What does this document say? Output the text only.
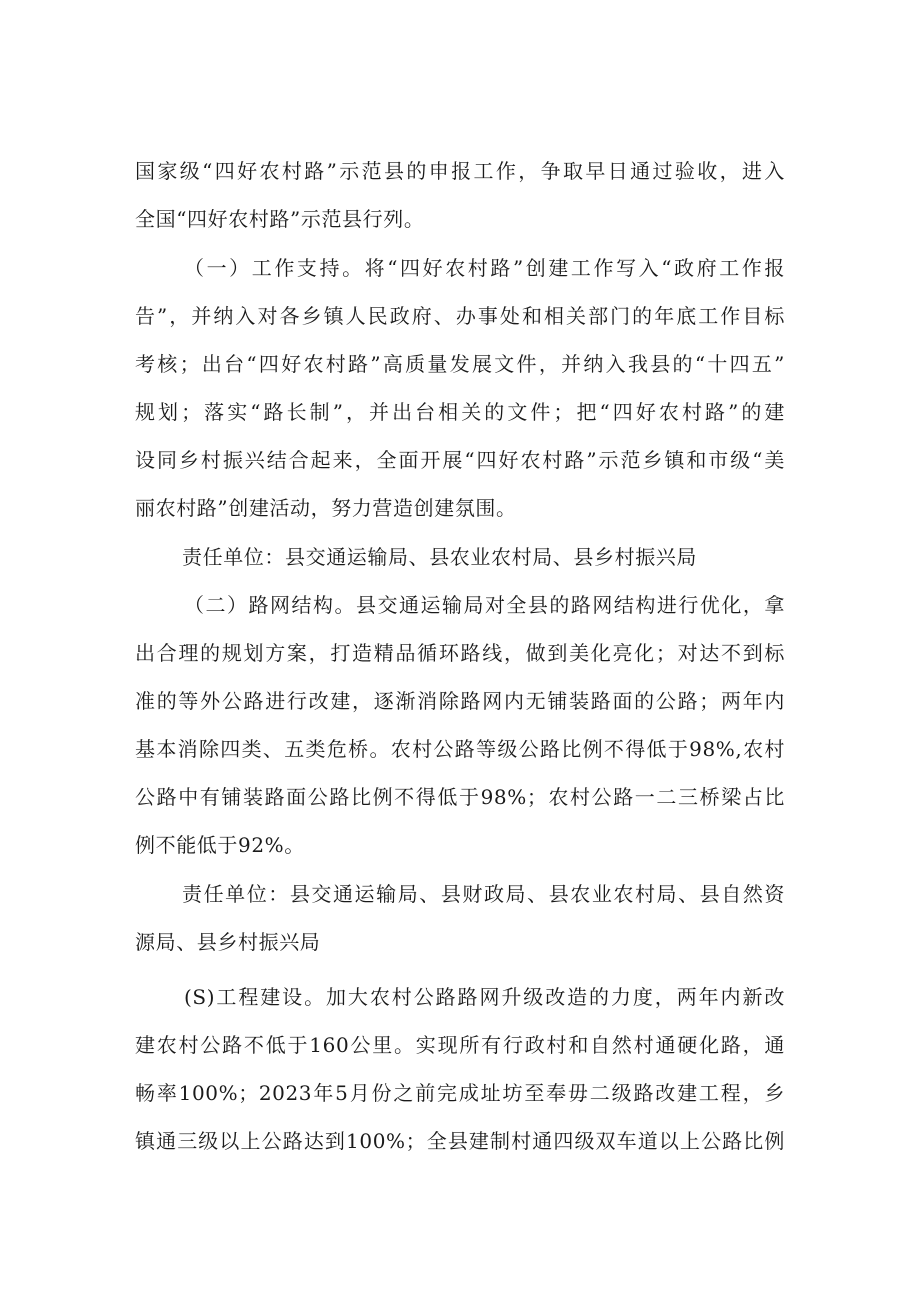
国家级“四好农村路”示范县的申报工作，争取早日通过验收，进入
全国“四好农村路”示范县行列。
（一）工作支持。将“四好农村路”创建工作写入“政府工作报
告”，并纳入对各乡镇人民政府、办事处和相关部门的年底工作目标
考核；出台“四好农村路”高质量发展文件，并纳入我县的“十四五”
规划；落实“路长制”，并出台相关的文件；把“四好农村路”的建
设同乡村振兴结合起来，全面开展“四好农村路”示范乡镇和市级“美
丽农村路”创建活动，努力营造创建氛围。
责任单位：县交通运输局、县农业农村局、县乡村振兴局
（二）路网结构。县交通运输局对全县的路网结构进行优化，拿
出合理的规划方案，打造精品循环路线，做到美化亮化；对达不到标
准的等外公路进行改建，逐渐消除路网内无铺装路面的公路；两年内
基本消除四类、五类危桥。农村公路等级公路比例不得低于98%,农村
公路中有铺装路面公路比例不得低于98%；农村公路一二三桥梁占比
例不能低于92%。
责任单位：县交通运输局、县财政局、县农业农村局、县自然资
源局、县乡村振兴局
(S)工程建设。加大农村公路路网升级改造的力度，两年内新改
建农村公路不低于160公里。实现所有行政村和自然村通硬化路，通
畅率100%；2023年5月份之前完成址坊至奉毋二级路改建工程，乡
镇通三级以上公路达到100%；全县建制村通四级双车道以上公路比例
